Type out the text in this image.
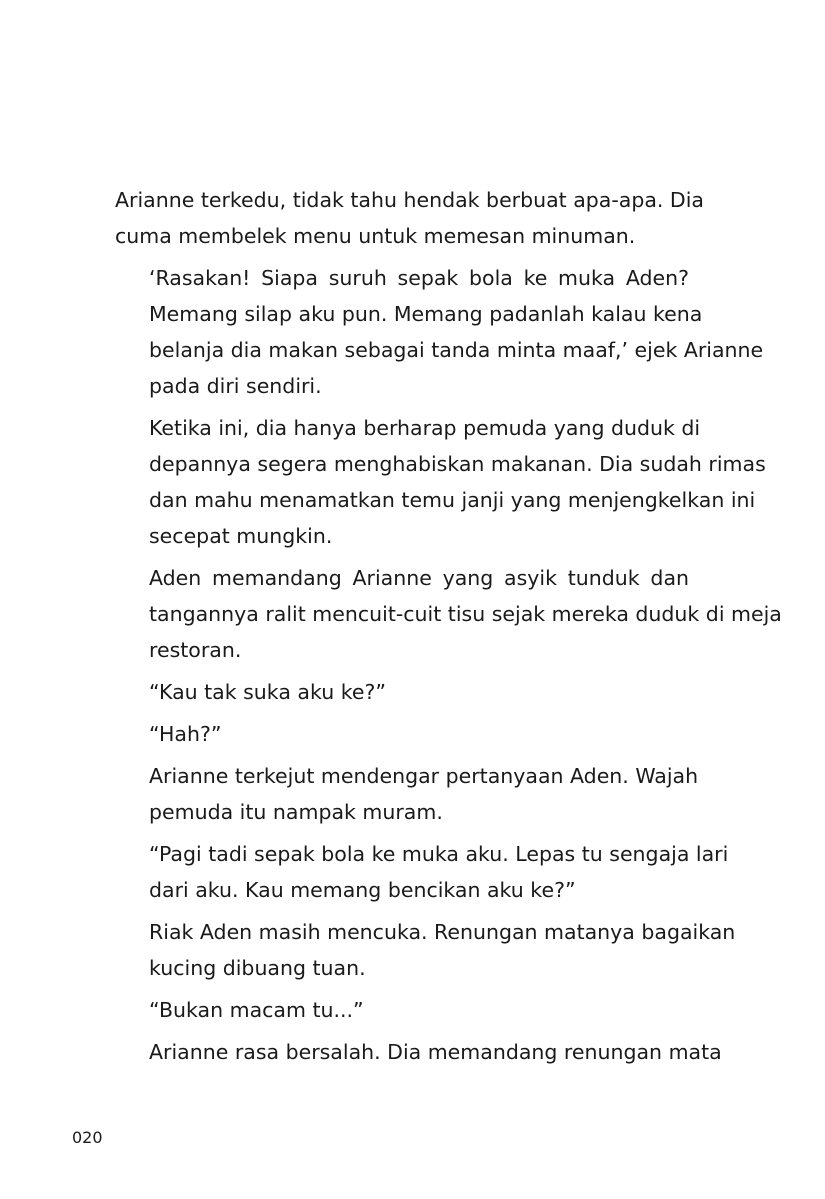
Arianne terkedu, tidak tahu hendak berbuat apa-apa. Dia
cuma membelek menu untuk memesan minuman.

‘Rasakan! Siapa suruh sepak bola ke muka Aden?
Memang silap aku pun. Memang padanlah kalau kena
belanja dia makan sebagai tanda minta maaf,’ ejek Arianne
pada diri sendiri.

Ketika ini, dia hanya berharap pemuda yang duduk di
depannya segera menghabiskan makanan. Dia sudah rimas
dan mahu menamatkan temu janji yang menjengkelkan ini
secepat mungkin.

Aden memandang Arianne yang asyik tunduk dan
tangannya ralit mencuit-cuit tisu sejak mereka duduk di meja
restoran.

“Kau tak suka aku ke?”

“Hah?”

Arianne terkejut mendengar pertanyaan Aden. Wajah
pemuda itu nampak muram.

“Pagi tadi sepak bola ke muka aku. Lepas tu sengaja lari
dari aku. Kau memang bencikan aku ke?”

Riak Aden masih mencuka. Renungan matanya bagaikan
kucing dibuang tuan.

“Bukan macam tu...”

Arianne rasa bersalah. Dia memandang renungan mata

020
